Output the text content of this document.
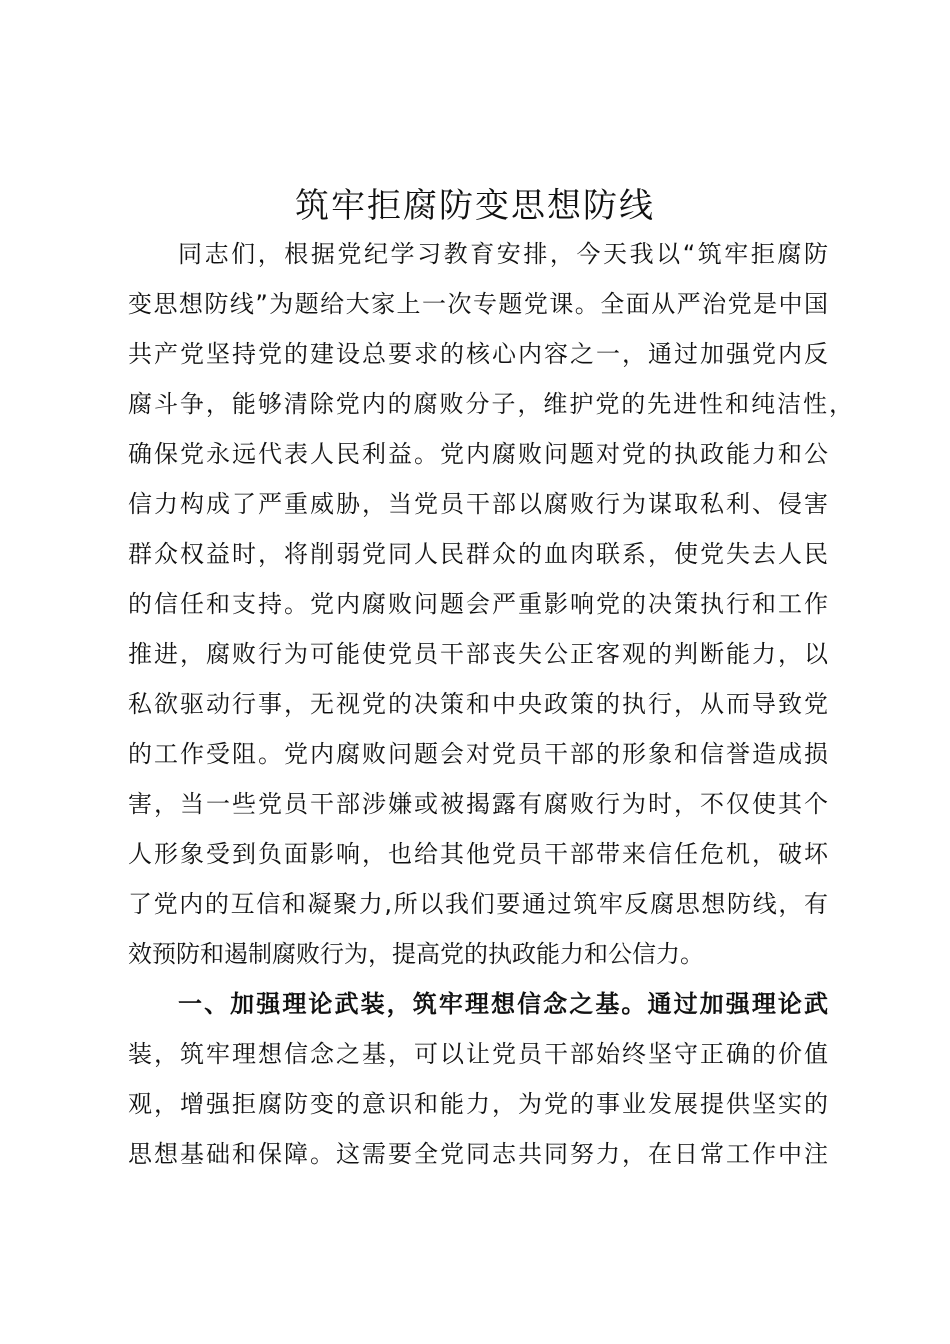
筑牢拒腐防变思想防线

同志们，根据党纪学习教育安排，今天我以“筑牢拒腐防

变思想防线”为题给大家上一次专题党课。全面从严治党是中国

共产党坚持党的建设总要求的核心内容之一，通过加强党内反

腐斗争，能够清除党内的腐败分子，维护党的先进性和纯洁性，

确保党永远代表人民利益。党内腐败问题对党的执政能力和公

信力构成了严重威胁，当党员干部以腐败行为谋取私利、侵害

群众权益时，将削弱党同人民群众的血肉联系，使党失去人民

的信任和支持。党内腐败问题会严重影响党的决策执行和工作

推进，腐败行为可能使党员干部丧失公正客观的判断能力，以

私欲驱动行事，无视党的决策和中央政策的执行，从而导致党

的工作受阻。党内腐败问题会对党员干部的形象和信誉造成损

害，当一些党员干部涉嫌或被揭露有腐败行为时，不仅使其个

人形象受到负面影响，也给其他党员干部带来信任危机，破坏

了党内的互信和凝聚力,所以我们要通过筑牢反腐思想防线，有

效预防和遏制腐败行为，提高党的执政能力和公信力。

一、加强理论武装，筑牢理想信念之基。通过加强理论武

装，筑牢理想信念之基，可以让党员干部始终坚守正确的价值

观，增强拒腐防变的意识和能力，为党的事业发展提供坚实的

思想基础和保障。这需要全党同志共同努力，在日常工作中注
